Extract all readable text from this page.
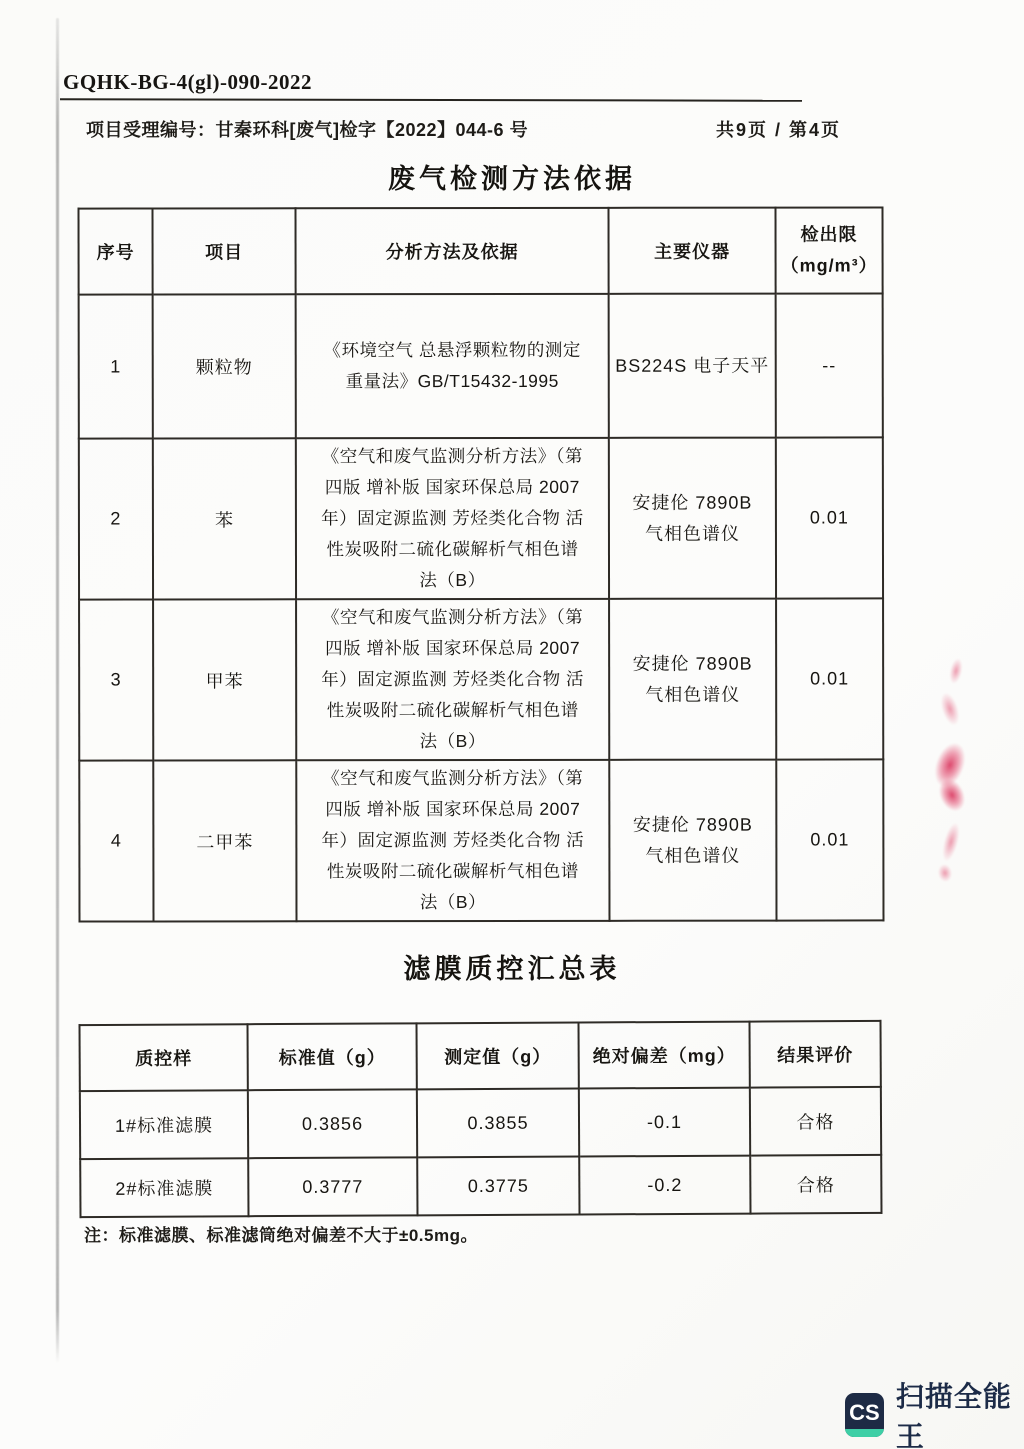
GQHK-BG-4(gl)-090-2022
项目受理编号：甘秦环科[废气]检字【2022】044-6 号	共9页 / 第4页
废气检测方法依据
序号	项目	分析方法及依据	主要仪器	检出限
（mg/m³）
1	颗粒物	《环境空气 总悬浮颗粒物的测定
重量法》GB/T15432-1995	BS224S 电子天平	--
2	苯	《空气和废气监测分析方法》（第
四版 增补版 国家环保总局 2007
年）固定源监测 芳烃类化合物 活
性炭吸附二硫化碳解析气相色谱
法（B）	安捷伦 7890B
气相色谱仪	0.01
3	甲苯	《空气和废气监测分析方法》（第
四版 增补版 国家环保总局 2007
年）固定源监测 芳烃类化合物 活
性炭吸附二硫化碳解析气相色谱
法（B）	安捷伦 7890B
气相色谱仪	0.01
4	二甲苯	《空气和废气监测分析方法》（第
四版 增补版 国家环保总局 2007
年）固定源监测 芳烃类化合物 活
性炭吸附二硫化碳解析气相色谱
法（B）	安捷伦 7890B
气相色谱仪	0.01
滤膜质控汇总表
质控样	标准值（g）	测定值（g）	绝对偏差（mg）	结果评价
1#标准滤膜	0.3856	0.3855	-0.1	合格
2#标准滤膜	0.3777	0.3775	-0.2	合格
注：标准滤膜、标准滤筒绝对偏差不大于±0.5mg。
CS
扫描全能王
